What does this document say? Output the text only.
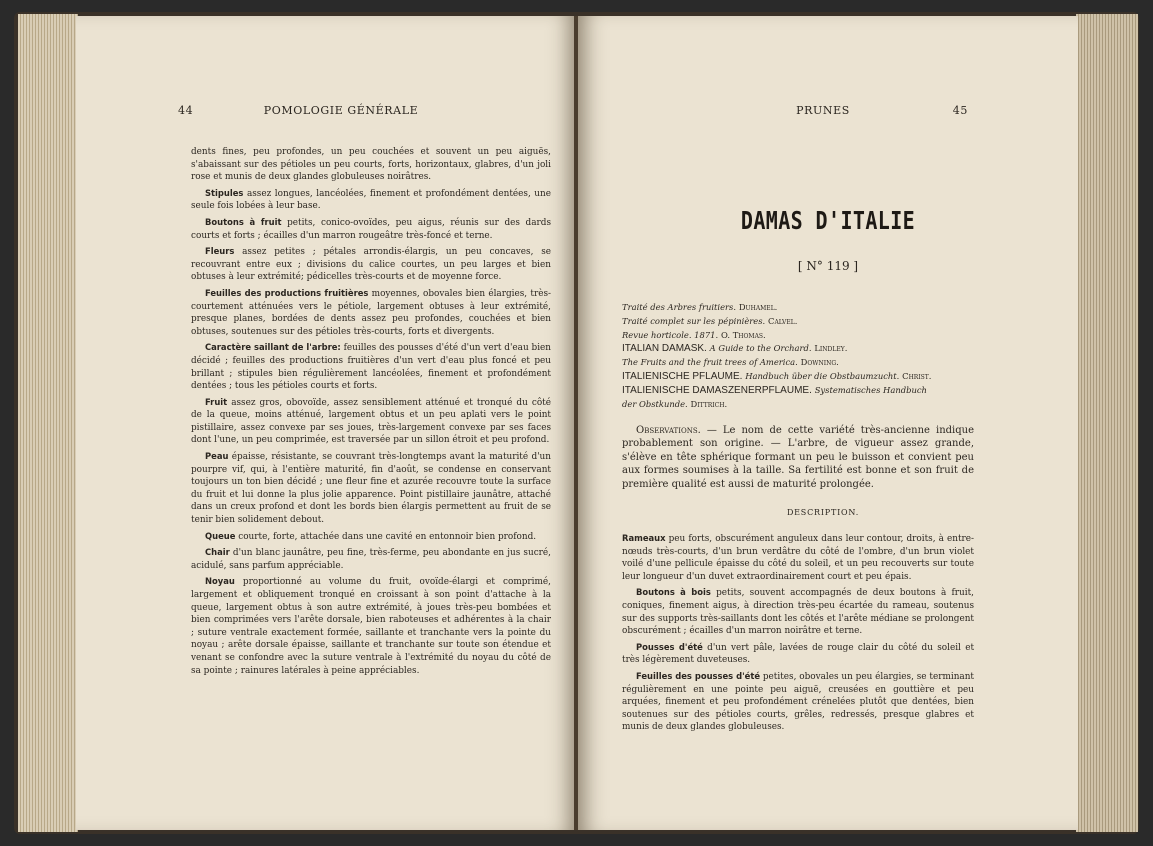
44	POMOLOGIE GÉNÉRALE

dents fines, peu profondes, un peu couchées et souvent un peu aiguës, s'abaissant sur des pétioles un peu courts, forts, horizontaux, glabres, d'un joli rose et munis de deux glandes globuleuses noirâtres.

Stipules assez longues, lancéolées, finement et profondément dentées, une seule fois lobées à leur base.

Boutons à fruit petits, conico-ovoïdes, peu aigus, réunis sur des dards courts et forts ; écailles d'un marron rougeâtre très-foncé et terne.

Fleurs assez petites ; pétales arrondis-élargis, un peu concaves, se recouvrant entre eux ; divisions du calice courtes, un peu larges et bien obtuses à leur extrémité; pédicelles très-courts et de moyenne force.

Feuilles des productions fruitières moyennes, obovales bien élargies, très-courtement atténuées vers le pétiole, largement obtuses à leur extrémité, presque planes, bordées de dents assez peu profondes, couchées et bien obtuses, soutenues sur des pétioles très-courts, forts et divergents.

Caractère saillant de l'arbre: feuilles des pousses d'été d'un vert d'eau bien décidé ; feuilles des productions fruitières d'un vert d'eau plus foncé et peu brillant ; stipules bien régulièrement lancéolées, finement et profondément dentées ; tous les pétioles courts et forts.

Fruit assez gros, obovoïde, assez sensiblement atténué et tronqué du côté de la queue, moins atténué, largement obtus et un peu aplati vers le point pistillaire, assez convexe par ses joues, très-largement convexe par ses faces dont l'une, un peu comprimée, est traversée par un sillon étroit et peu profond.

Peau épaisse, résistante, se couvrant très-longtemps avant la maturité d'un pourpre vif, qui, à l'entière maturité, fin d'août, se condense en conservant toujours un ton bien décidé ; une fleur fine et azurée recouvre toute la surface du fruit et lui donne la plus jolie apparence. Point pistillaire jaunâtre, attaché dans un creux profond et dont les bords bien élargis permettent au fruit de se tenir bien solidement debout.

Queue courte, forte, attachée dans une cavité en entonnoir bien profond.

Chair d'un blanc jaunâtre, peu fine, très-ferme, peu abondante en jus sucré, acidulé, sans parfum appréciable.

Noyau proportionné au volume du fruit, ovoïde-élargi et comprimé, largement et obliquement tronqué en croissant à son point d'attache à la queue, largement obtus à son autre extrémité, à joues très-peu bombées et bien comprimées vers l'arête dorsale, bien raboteuses et adhérentes à la chair ; suture ventrale exactement formée, saillante et tranchante vers la pointe du noyau ; arête dorsale épaisse, saillante et tranchante sur toute son étendue et venant se confondre avec la suture ventrale à l'extrémité du noyau du côté de sa pointe ; rainures latérales à peine appréciables.

PRUNES	45
DAMAS D'ITALIE
[ N° 119 ]
Traité des Arbres fruitiers. Duhamel.
Traité complet sur les pépinières. Calvel.
Revue horticole. 1871. O. Thomas.
ITALIAN DAMASK. A Guide to the Orchard. Lindley.
The Fruits and the fruit trees of America. Downing.
ITALIENISCHE PFLAUME. Handbuch über die Obstbaumzucht. Christ.
ITALIENISCHE DAMASZENERPFLAUME. Systematisches Handbuch
der Obstkunde. Dittrich.

Observations. — Le nom de cette variété très-ancienne indique probablement son origine. — L'arbre, de vigueur assez grande, s'élève en tête sphérique formant un peu le buisson et convient peu aux formes soumises à la taille. Sa fertilité est bonne et son fruit de première qualité est aussi de maturité prolongée.

DESCRIPTION.

Rameaux peu forts, obscurément anguleux dans leur contour, droits, à entre-nœuds très-courts, d'un brun verdâtre du côté de l'ombre, d'un brun violet voilé d'une pellicule épaisse du côté du soleil, et un peu recouverts sur toute leur longueur d'un duvet extraordinairement court et peu épais.

Boutons à bois petits, souvent accompagnés de deux boutons à fruit, coniques, finement aigus, à direction très-peu écartée du rameau, soutenus sur des supports très-saillants dont les côtés et l'arête médiane se prolongent obscurément ; écailles d'un marron noirâtre et terne.

Pousses d'été d'un vert pâle, lavées de rouge clair du côté du soleil et très légèrement duveteuses.

Feuilles des pousses d'été petites, obovales un peu élargies, se terminant régulièrement en une pointe peu aiguë, creusées en gouttière et peu arquées, finement et peu profondément crénelées plutôt que dentées, bien soutenues sur des pétioles courts, grêles, redressés, presque glabres et munis de deux glandes globuleuses.
